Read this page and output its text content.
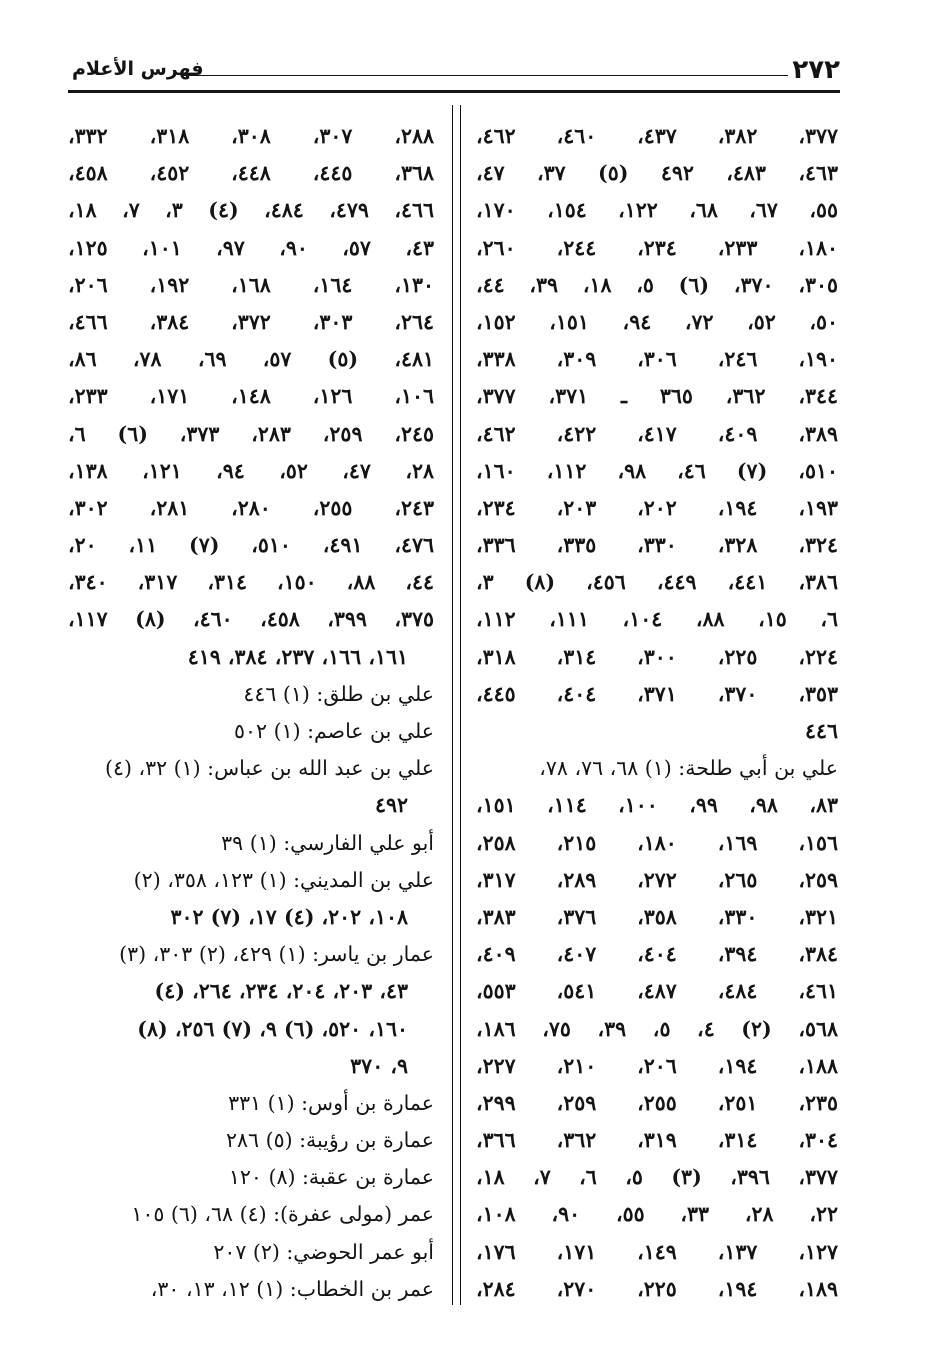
٢٧٢
فهرس الأعلام
٣٧٧، ٣٨٢، ٤٣٧، ٤٦٠، ٤٦٢،
٤٦٣، ٤٨٣، ٤٩٢ (٥) ٣٧، ٤٧،
٥٥، ٦٧، ٦٨، ١٢٢، ١٥٤، ١٧٠،
١٨٠، ٢٣٣، ٢٣٤، ٢٤٤، ٢٦٠،
٣٠٥، ٣٧٠، (٦) ٥، ١٨، ٣٩، ٤٤،
٥٠، ٥٢، ٧٢، ٩٤، ١٥١، ١٥٢،
١٩٠، ٢٤٦، ٣٠٦، ٣٠٩، ٣٣٨،
٣٤٤، ٣٦٢، ٣٦٥ ـ ٣٧١، ٣٧٧،
٣٨٩، ٤٠٩، ٤١٧، ٤٢٢، ٤٦٢،
٥١٠، (٧) ٤٦، ٩٨، ١١٢، ١٦٠،
١٩٣، ١٩٤، ٢٠٢، ٢٠٣، ٢٣٤،
٣٢٤، ٣٢٨، ٣٣٠، ٣٣٥، ٣٣٦،
٣٨٦، ٤٤١، ٤٤٩، ٤٥٦، (٨) ٣،
٦، ١٥، ٨٨، ١٠٤، ١١١، ١١٢،
٢٢٤، ٢٢٥، ٣٠٠، ٣١٤، ٣١٨،
٣٥٣، ٣٧٠، ٣٧١، ٤٠٤، ٤٤٥،
٤٤٦
علي بن أبي طلحة: (١) ٦٨، ٧٦، ٧٨،
٨٣، ٩٨، ٩٩، ١٠٠، ١١٤، ١٥١،
١٥٦، ١٦٩، ١٨٠، ٢١٥، ٢٥٨،
٢٥٩، ٢٦٥، ٢٧٢، ٢٨٩، ٣١٧،
٣٢١، ٣٣٠، ٣٥٨، ٣٧٦، ٣٨٣،
٣٨٤، ٣٩٤، ٤٠٤، ٤٠٧، ٤٠٩،
٤٦١، ٤٨٤، ٤٨٧، ٥٤١، ٥٥٣،
٥٦٨، (٢) ٤، ٥، ٣٩، ٧٥، ١٨٦،
١٨٨، ١٩٤، ٢٠٦، ٢١٠، ٢٢٧،
٢٣٥، ٢٥١، ٢٥٥، ٢٥٩، ٢٩٩،
٣٠٤، ٣١٤، ٣١٩، ٣٦٢، ٣٦٦،
٣٧٧، ٣٩٦، (٣) ٥، ٦، ٧، ١٨،
٢٢، ٢٨، ٣٣، ٥٥، ٩٠، ١٠٨،
١٢٧، ١٣٧، ١٤٩، ١٧١، ١٧٦،
١٨٩، ١٩٤، ٢٢٥، ٢٧٠، ٢٨٤،
٢٨٨، ٣٠٧، ٣٠٨، ٣١٨، ٣٣٢،
٣٦٨، ٤٤٥، ٤٤٨، ٤٥٢، ٤٥٨،
٤٦٦، ٤٧٩، ٤٨٤، (٤) ٣، ٧، ١٨،
٤٣، ٥٧، ٩٠، ٩٧، ١٠١، ١٢٥،
١٣٠، ١٦٤، ١٦٨، ١٩٢، ٢٠٦،
٢٦٤، ٣٠٣، ٣٧٢، ٣٨٤، ٤٦٦،
٤٨١، (٥) ٥٧، ٦٩، ٧٨، ٨٦،
١٠٦، ١٢٦، ١٤٨، ١٧١، ٢٣٣،
٢٤٥، ٢٥٩، ٢٨٣، ٣٧٣، (٦) ٦،
٢٨، ٤٧، ٥٢، ٩٤، ١٢١، ١٣٨،
٢٤٣، ٢٥٥، ٢٨٠، ٢٨١، ٣٠٢،
٤٧٦، ٤٩١، ٥١٠، (٧) ١١، ٢٠،
٤٤، ٨٨، ١٥٠، ٣١٤، ٣١٧، ٣٤٠،
٣٧٥، ٣٩٩، ٤٥٨، ٤٦٠، (٨) ١١٧،
١٦١، ١٦٦، ٢٣٧، ٣٨٤، ٤١٩
علي بن طلق: (١) ٤٤٦
علي بن عاصم: (١) ٥٠٢
علي بن عبد الله بن عباس: (١) ٣٢، (٤)
٤٩٢
أبو علي الفارسي: (١) ٣٩
علي بن المديني: (١) ١٢٣، ٣٥٨، (٢)
١٠٨، ٢٠٢، (٤) ١٧، (٧) ٣٠٢
عمار بن ياسر: (١) ٤٢٩، (٢) ٣٠٣، (٣)
٤٣، ٢٠٣، ٢٠٤، ٢٣٤، ٢٦٤، (٤)
١٦٠، ٥٢٠، (٦) ٩، (٧) ٢٥٦، (٨)
٩، ٣٧٠
عمارة بن أوس: (١) ٣٣١
عمارة بن رؤيبة: (٥) ٢٨٦
عمارة بن عقبة: (٨) ١٢٠
عمر (مولى عفرة): (٤) ٦٨، (٦) ١٠٥
أبو عمر الحوضي: (٢) ٢٠٧
عمر بن الخطاب: (١) ١٢، ١٣، ٣٠،
